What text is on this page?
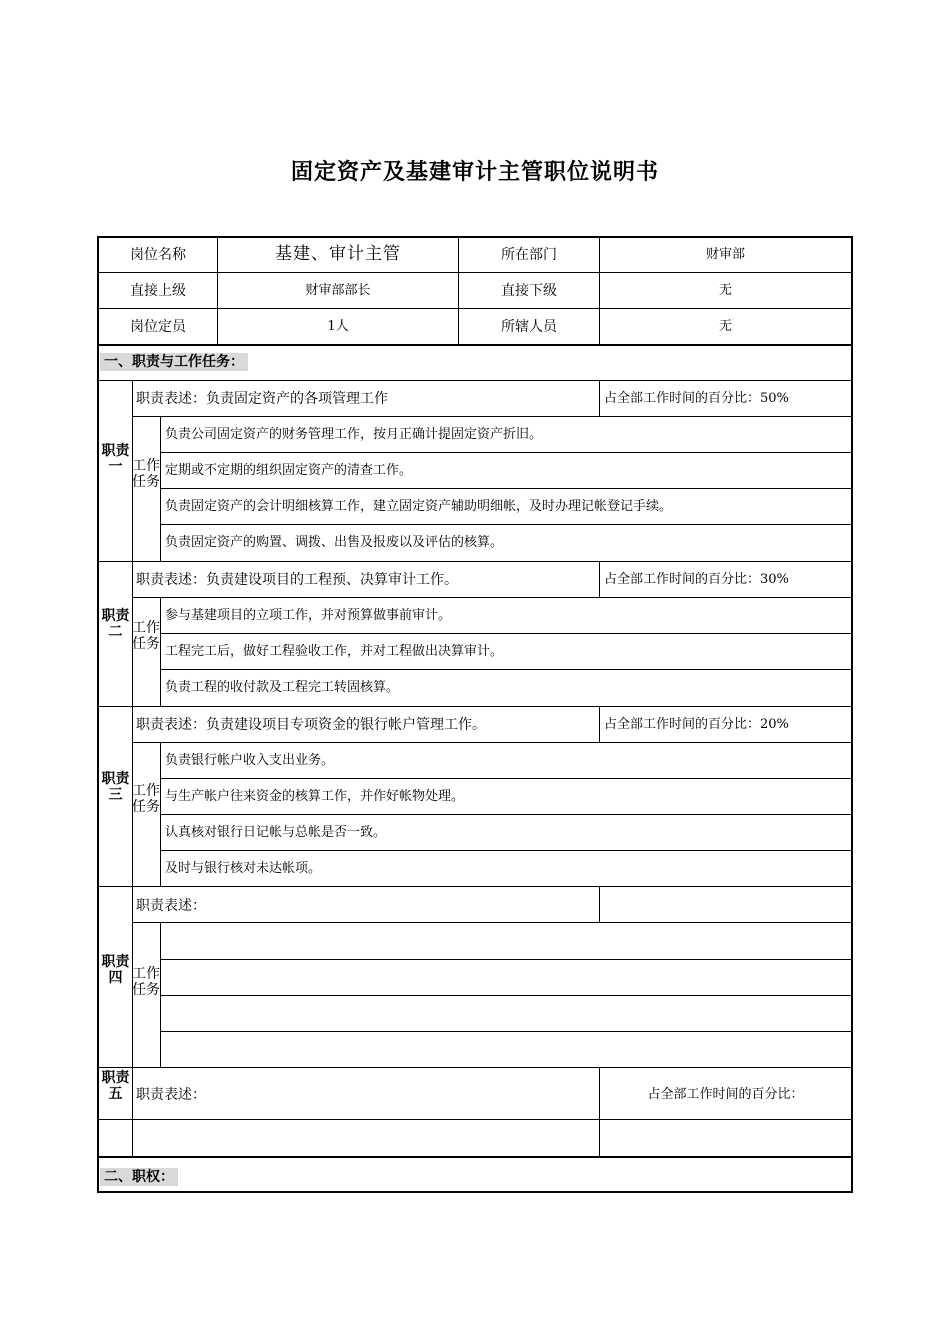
固定资产及基建审计主管职位说明书
岗位名称	基建、审计主管	所在部门	财审部
直接上级	财审部部长	直接下级	无
岗位定员	1人	所辖人员	无
一、职责与工作任务：
职责一
职责表述：负责固定资产的各项管理工作	占全部工作时间的百分比：50%
工作任务
负责公司固定资产的财务管理工作，按月正确计提固定资产折旧。
定期或不定期的组织固定资产的清查工作。
负责固定资产的会计明细核算工作，建立固定资产辅助明细帐，及时办理记帐登记手续。
负责固定资产的购置、调拨、出售及报废以及评估的核算。
职责二
职责表述：负责建设项目的工程预、决算审计工作。	占全部工作时间的百分比：30%
工作任务
参与基建项目的立项工作，并对预算做事前审计。
工程完工后，做好工程验收工作，并对工程做出决算审计。
负责工程的收付款及工程完工转固核算。
职责三
职责表述：负责建设项目专项资金的银行帐户管理工作。	占全部工作时间的百分比：20%
工作任务
负责银行帐户收入支出业务。
与生产帐户往来资金的核算工作，并作好帐物处理。
认真核对银行日记帐与总帐是否一致。
及时与银行核对未达帐项。
职责四
职责表述：
工作任务
职责五 职责表述：	占全部工作时间的百分比：
二、职权：
